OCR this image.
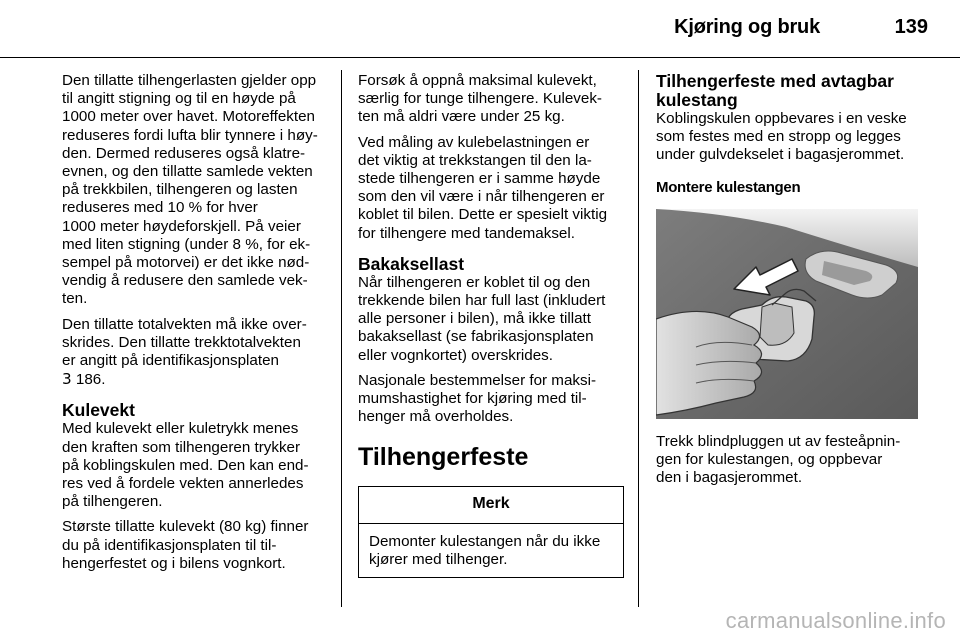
Kjøring og bruk	139

Den tillatte tilhengerlasten gjelder opp
til angitt stigning og til en høyde på
1000 meter over havet. Motoreffekten
reduseres fordi lufta blir tynnere i høy-
den. Dermed reduseres også klatre-
evnen, og den tillatte samlede vekten
på trekkbilen, tilhengeren og lasten
reduseres med 10 % for hver
1000 meter høydeforskjell. På veier
med liten stigning (under 8 %, for ek-
sempel på motorvei) er det ikke nød-
vendig å redusere den samlede vek-
ten.

Den tillatte totalvekten må ikke over-
skrides. Den tillatte trekktotalvekten
er angitt på identifikasjonsplaten
3 186.

Kulevekt

Med kulevekt eller kuletrykk menes
den kraften som tilhengeren trykker
på koblingskulen med. Den kan end-
res ved å fordele vekten annerledes
på tilhengeren.

Største tillatte kulevekt (80 kg) finner
du på identifikasjonsplaten til til-
hengerfestet og i bilens vognkort.

Forsøk å oppnå maksimal kulevekt,
særlig for tunge tilhengere. Kulevek-
ten må aldri være under 25 kg.

Ved måling av kulebelastningen er
det viktig at trekkstangen til den la-
stede tilhengeren er i samme høyde
som den vil være i når tilhengeren er
koblet til bilen. Dette er spesielt viktig
for tilhengere med tandemaksel.

Bakaksellast

Når tilhengeren er koblet til og den
trekkende bilen har full last (inkludert
alle personer i bilen), må ikke tillatt
bakaksellast (se fabrikasjonsplaten
eller vognkortet) overskrides.

Nasjonale bestemmelser for maksi-
mumshastighet for kjøring med til-
henger må overholdes.

Tilhengerfeste
Merk
Demonter kulestangen når du ikke
kjører med tilhenger.
Tilhengerfeste med avtagbar
kulestang

Koblingskulen oppbevares i en veske
som festes med en stropp og legges
under gulvdekselet i bagasjerommet.

Montere kulestangen

Trekk blindpluggen ut av festeåpnin-
gen for kulestangen, og oppbevar
den i bagasjerommet.

carmanualsonline.info
